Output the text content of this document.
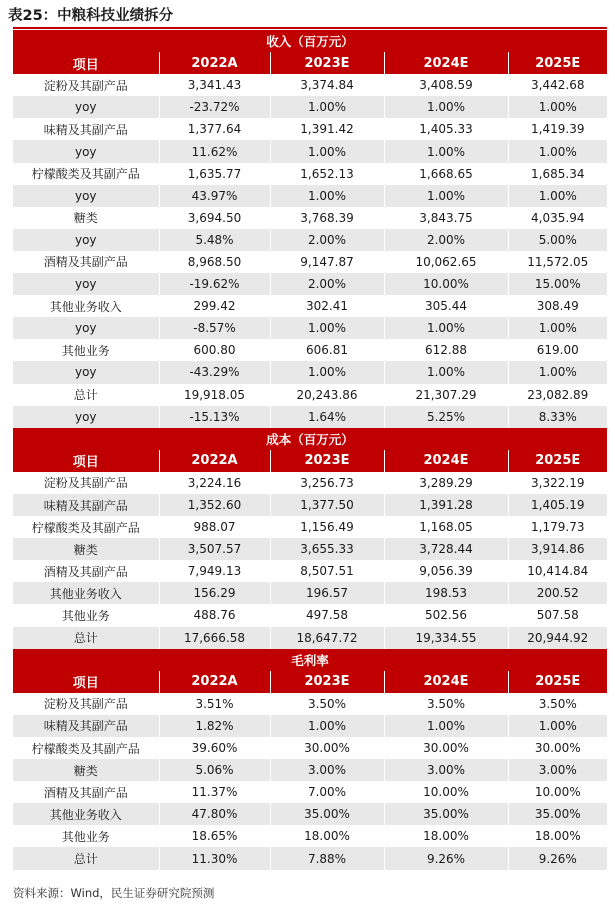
表25：中粮科技业绩拆分
收入（百万元）				
项目	2022A	2023E	2024E	2025E
淀粉及其副产品	3,341.43	3,374.84	3,408.59	3,442.68
yoy	-23.72%	1.00%	1.00%	1.00%
味精及其副产品	1,377.64	1,391.42	1,405.33	1,419.39
yoy	11.62%	1.00%	1.00%	1.00%
柠檬酸类及其副产品	1,635.77	1,652.13	1,668.65	1,685.34
yoy	43.97%	1.00%	1.00%	1.00%
糖类	3,694.50	3,768.39	3,843.75	4,035.94
yoy	5.48%	2.00%	2.00%	5.00%
酒精及其副产品	8,968.50	9,147.87	10,062.65	11,572.05
yoy	-19.62%	2.00%	10.00%	15.00%
其他业务收入	299.42	302.41	305.44	308.49
yoy	-8.57%	1.00%	1.00%	1.00%
其他业务	600.80	606.81	612.88	619.00
yoy	-43.29%	1.00%	1.00%	1.00%
总计	19,918.05	20,243.86	21,307.29	23,082.89
yoy	-15.13%	1.64%	5.25%	8.33%
成本（百万元）				
项目	2022A	2023E	2024E	2025E
淀粉及其副产品	3,224.16	3,256.73	3,289.29	3,322.19
味精及其副产品	1,352.60	1,377.50	1,391.28	1,405.19
柠檬酸类及其副产品	988.07	1,156.49	1,168.05	1,179.73
糖类	3,507.57	3,655.33	3,728.44	3,914.86
酒精及其副产品	7,949.13	8,507.51	9,056.39	10,414.84
其他业务收入	156.29	196.57	198.53	200.52
其他业务	488.76	497.58	502.56	507.58
总计	17,666.58	18,647.72	19,334.55	20,944.92
毛利率				
项目	2022A	2023E	2024E	2025E
淀粉及其副产品	3.51%	3.50%	3.50%	3.50%
味精及其副产品	1.82%	1.00%	1.00%	1.00%
柠檬酸类及其副产品	39.60%	30.00%	30.00%	30.00%
糖类	5.06%	3.00%	3.00%	3.00%
酒精及其副产品	11.37%	7.00%	10.00%	10.00%
其他业务收入	47.80%	35.00%	35.00%	35.00%
其他业务	18.65%	18.00%	18.00%	18.00%
总计	11.30%	7.88%	9.26%	9.26%
资料来源：Wind，民生证券研究院预测
